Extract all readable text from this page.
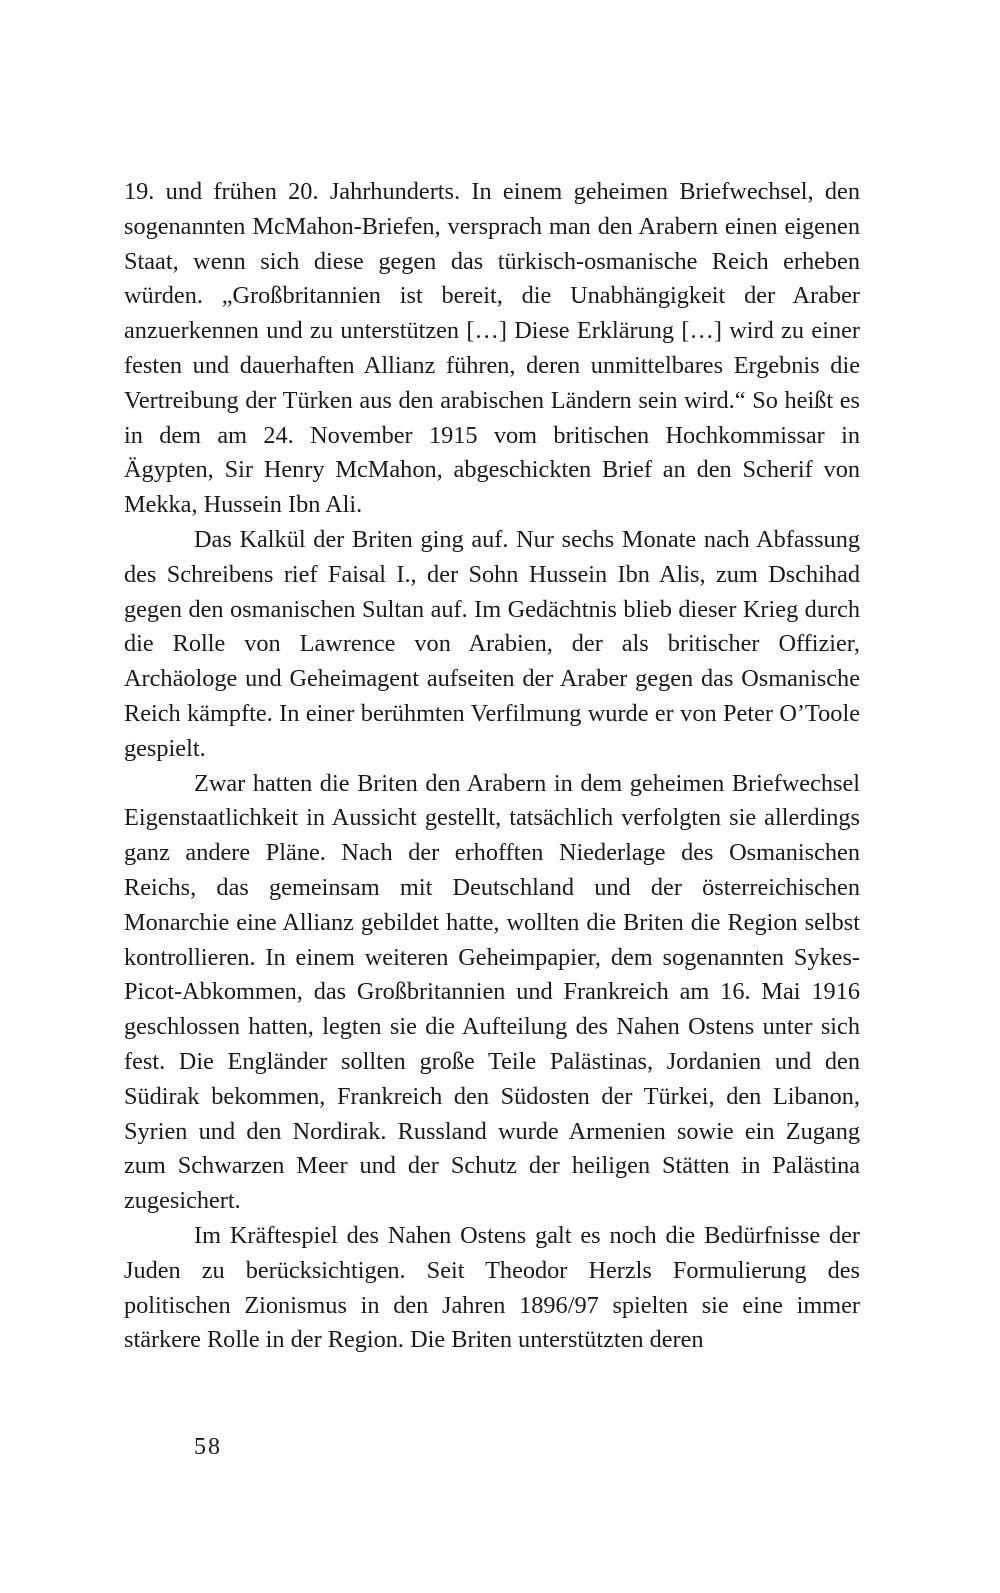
19. und frühen 20. Jahrhunderts. In einem geheimen Briefwechsel, den sogenannten McMahon-Briefen, versprach man den Arabern einen eigenen Staat, wenn sich diese gegen das türkisch-osmanische Reich erheben würden. „Großbritannien ist bereit, die Unabhängigkeit der Araber anzuerkennen und zu unterstützen […] Diese Erklärung […] wird zu einer festen und dauerhaften Allianz führen, deren unmittelbares Ergebnis die Vertreibung der Türken aus den arabischen Ländern sein wird.“ So heißt es in dem am 24. November 1915 vom britischen Hochkommissar in Ägypten, Sir Henry McMahon, abgeschickten Brief an den Scherif von Mekka, Hussein Ibn Ali.

Das Kalkül der Briten ging auf. Nur sechs Monate nach Abfassung des Schreibens rief Faisal I., der Sohn Hussein Ibn Alis, zum Dschihad gegen den osmanischen Sultan auf. Im Gedächtnis blieb dieser Krieg durch die Rolle von Lawrence von Arabien, der als britischer Offizier, Archäologe und Geheimagent aufseiten der Araber gegen das Osmanische Reich kämpfte. In einer berühmten Verfilmung wurde er von Peter O’Toole gespielt.

Zwar hatten die Briten den Arabern in dem geheimen Briefwechsel Eigenstaatlichkeit in Aussicht gestellt, tatsächlich verfolgten sie allerdings ganz andere Pläne. Nach der erhofften Niederlage des Osmanischen Reichs, das gemeinsam mit Deutschland und der österreichischen Monarchie eine Allianz gebildet hatte, wollten die Briten die Region selbst kontrollieren. In einem weiteren Geheimpapier, dem sogenannten Sykes-Picot-Abkommen, das Großbritannien und Frankreich am 16. Mai 1916 geschlossen hatten, legten sie die Aufteilung des Nahen Ostens unter sich fest. Die Engländer sollten große Teile Palästinas, Jordanien und den Südirak bekommen, Frankreich den Südosten der Türkei, den Libanon, Syrien und den Nordirak. Russland wurde Armenien sowie ein Zugang zum Schwarzen Meer und der Schutz der heiligen Stätten in Palästina zugesichert.

Im Kräftespiel des Nahen Ostens galt es noch die Bedürfnisse der Juden zu berücksichtigen. Seit Theodor Herzls Formulierung des politischen Zionismus in den Jahren 1896/97 spielten sie eine immer stärkere Rolle in der Region. Die Briten unterstützten deren

58
